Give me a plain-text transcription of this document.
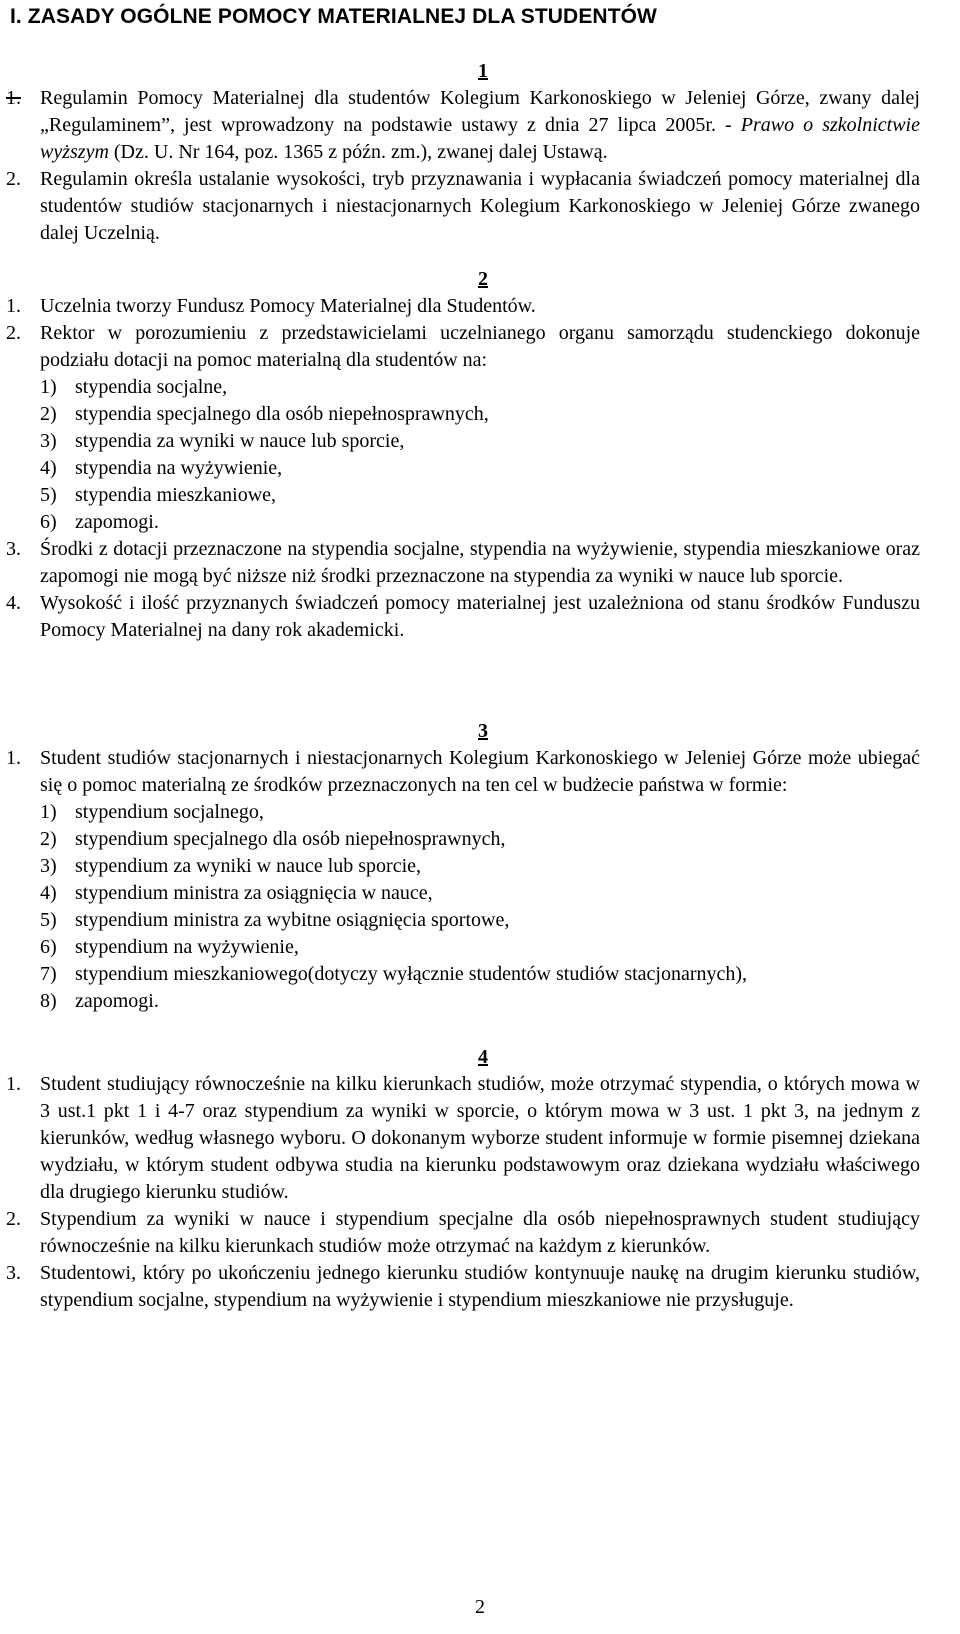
I. ZASADY OGÓLNE POMOCY MATERIALNEJ DLA STUDENTÓW

1

1. Regulamin Pomocy Materialnej dla studentów Kolegium Karkonoskiego w Jeleniej Górze, zwany dalej „Regulaminem”, jest wprowadzony na podstawie ustawy z dnia 27 lipca 2005r. - Prawo o szkolnictwie wyższym (Dz. U. Nr 164, poz. 1365 z późn. zm.), zwanej dalej Ustawą.
2. Regulamin określa ustalanie wysokości, tryb przyznawania i wypłacania świadczeń pomocy materialnej dla studentów studiów stacjonarnych i niestacjonarnych Kolegium Karkonoskiego w Jeleniej Górze zwanego dalej Uczelnią.

2

1. Uczelnia tworzy Fundusz Pomocy Materialnej dla Studentów.
2. Rektor w porozumieniu z przedstawicielami uczelnianego organu samorządu studenckiego dokonuje podziału dotacji na pomoc materialną dla studentów na:
1) stypendia socjalne,
2) stypendia specjalnego dla osób niepełnosprawnych,
3) stypendia za wyniki w nauce lub sporcie,
4) stypendia na wyżywienie,
5) stypendia mieszkaniowe,
6) zapomogi.
3. Środki z dotacji przeznaczone na stypendia socjalne, stypendia na wyżywienie, stypendia mieszkaniowe oraz zapomogi nie mogą być niższe niż środki przeznaczone na stypendia za wyniki w nauce lub sporcie.
4. Wysokość i ilość przyznanych świadczeń pomocy materialnej jest uzależniona od stanu środków Funduszu Pomocy Materialnej na dany rok akademicki.

3

1. Student studiów stacjonarnych i niestacjonarnych Kolegium Karkonoskiego w Jeleniej Górze może ubiegać się o pomoc materialną ze środków przeznaczonych na ten cel w budżecie państwa w formie:
1) stypendium socjalnego,
2) stypendium specjalnego dla osób niepełnosprawnych,
3) stypendium za wyniki w nauce lub sporcie,
4) stypendium ministra za osiągnięcia w nauce,
5) stypendium ministra za wybitne osiągnięcia sportowe,
6) stypendium na wyżywienie,
7) stypendium mieszkaniowego(dotyczy wyłącznie studentów studiów stacjonarnych),
8) zapomogi.

4

1. Student studiujący równocześnie na kilku kierunkach studiów, może otrzymać stypendia, o których mowa w 3 ust.1 pkt 1 i 4-7 oraz stypendium za wyniki w sporcie, o którym mowa w 3 ust. 1 pkt 3, na jednym z kierunków, według własnego wyboru. O dokonanym wyborze student informuje w formie pisemnej dziekana wydziału, w którym student odbywa studia na kierunku podstawowym oraz dziekana wydziału właściwego dla drugiego kierunku studiów.
2. Stypendium za wyniki w nauce i stypendium specjalne dla osób niepełnosprawnych student studiujący równocześnie na kilku kierunkach studiów może otrzymać na każdym z kierunków.
3. Studentowi, który po ukończeniu jednego kierunku studiów kontynuuje naukę na drugim kierunku studiów, stypendium socjalne, stypendium na wyżywienie i stypendium mieszkaniowe nie przysługuje.
2
